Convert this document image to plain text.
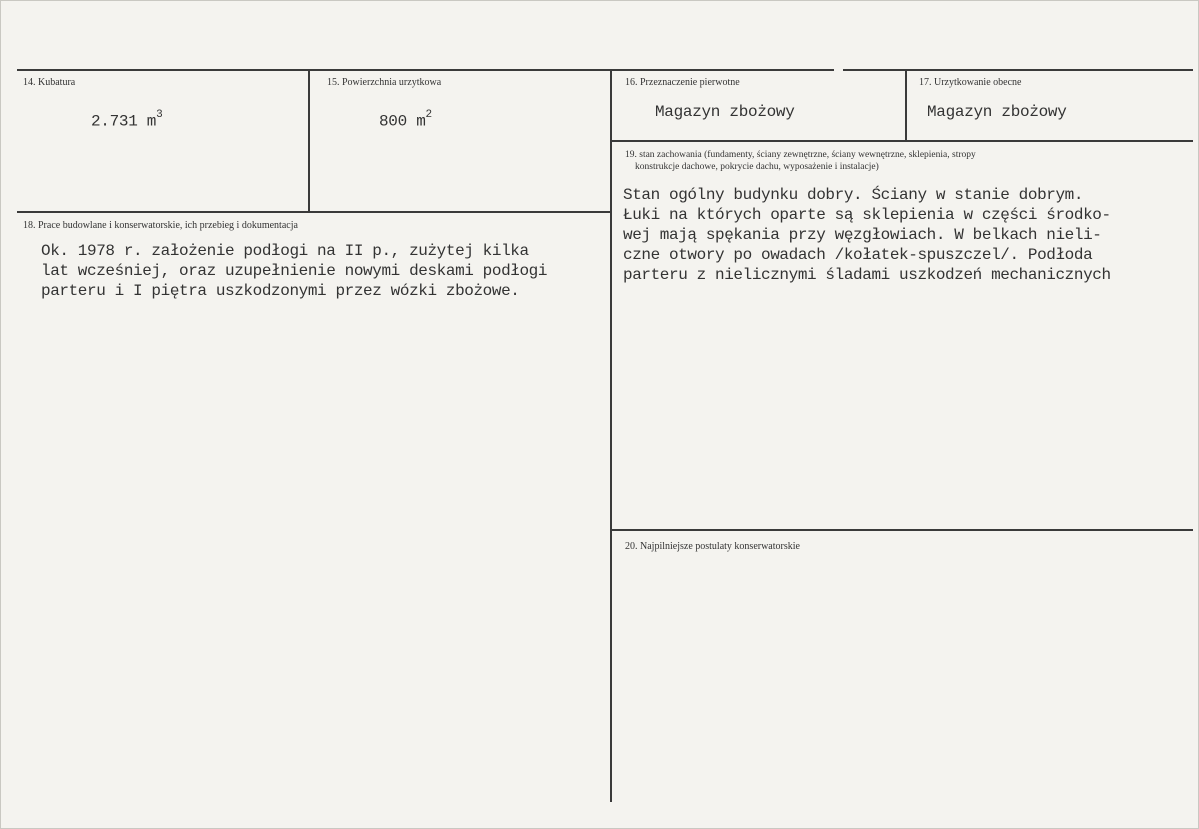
14. Kubatura
2.731 $m^3$
15. Powierzchnia urzytkowa
800 $m^2$
16. Przeznaczenie pierwotne
Magazyn zbożowy
17. Urzytkowanie obecne
Magazyn zbożowy
18. Prace budowlane i konserwatorskie, ich przebieg i dokumentacja
Ok. 1978 r. założenie podłogi na II p., zużytej kilka
lat wcześniej, oraz uzupełnienie nowymi deskami podłogi
parteru i I piętra uszkodzonymi przez wózki zbożowe.
19. stan zachowania (fundamenty, ściany zewnętrzne, ściany wewnętrzne, sklepienia, stropy
konstrukcje dachowe, pokrycie dachu, wyposażenie i instalacje)
Stan ogólny budynku dobry. Ściany w stanie dobrym.
Łuki na których oparte są sklepienia w części środko-
wej mają spękania przy węzgłowiach. W belkach nieli-
czne otwory po owadach /kołatek-spuszczel/. Podłoda
parteru z nielicznymi śladami uszkodzeń mechanicznych
20. Najpilniejsze postulaty konserwatorskie
